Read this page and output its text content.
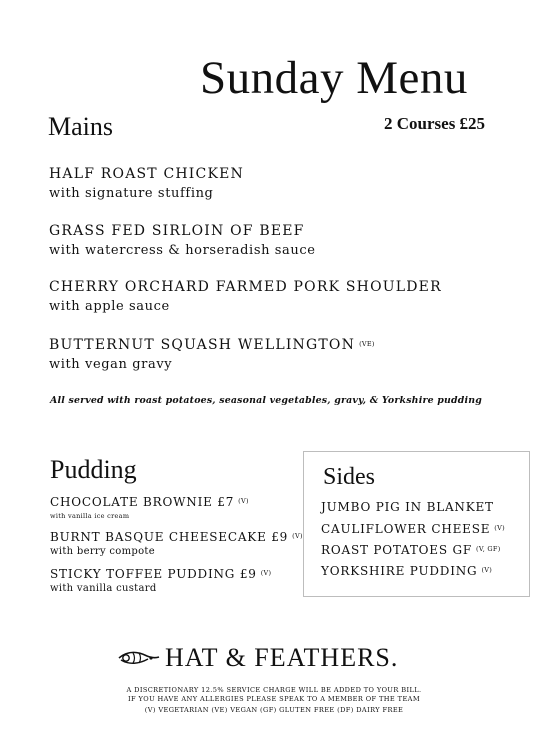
Sunday Menu
2 Courses £25
Mains
HALF ROAST CHICKEN
with signature stuffing
GRASS FED SIRLOIN OF BEEF
with watercress & horseradish sauce
CHERRY ORCHARD FARMED PORK SHOULDER
with apple sauce
BUTTERNUT SQUASH WELLINGTON $^{(VE)}$
with vegan gravy
All served with roast potatoes, seasonal vegetables, gravy, & Yorkshire pudding
Pudding
CHOCOLATE BROWNIE £7 $^{(V)}$
with vanilla ice cream
BURNT BASQUE CHEESECAKE £9 $^{(V)}$
with berry compote
STICKY TOFFEE PUDDING £9 $^{(V)}$
with vanilla custard
Sides
JUMBO PIG IN BLANKET
CAULIFLOWER CHEESE $^{(V)}$
ROAST POTATOES GF $^{(V, GF)}$
YORKSHIRE PUDDING $^{(V)}$
HAT & FEATHERS.
A DISCRETIONARY 12.5% SERVICE CHARGE WILL BE ADDED TO YOUR BILL.
IF YOU HAVE ANY ALLERGIES PLEASE SPEAK TO A MEMBER OF THE TEAM
(V) VEGETARIAN (VE) VEGAN (GF) GLUTEN FREE (DF) DAIRY FREE
